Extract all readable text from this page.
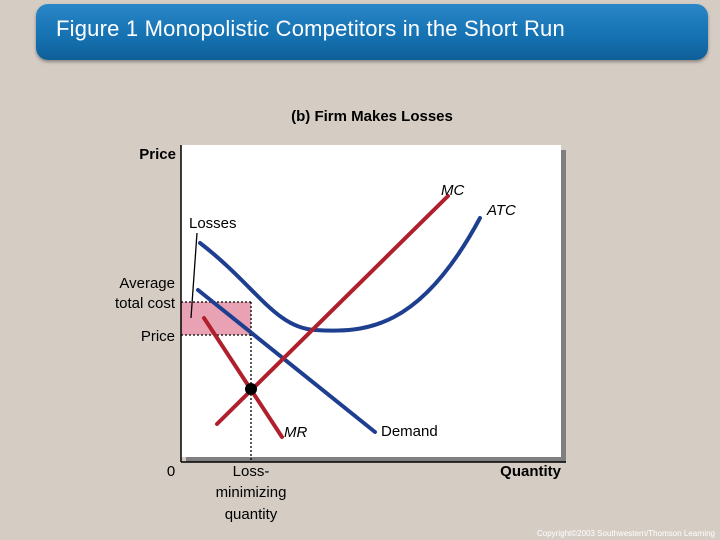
Figure 1 Monopolistic Competitors in the Short Run
(b) Firm Makes Losses
Price
Quantity
0
MC
ATC
MR	Demand
Losses
Average
total cost
Price
Loss-
minimizing
quantity
Copyright©2003 Southwestern/Thomson Learning
